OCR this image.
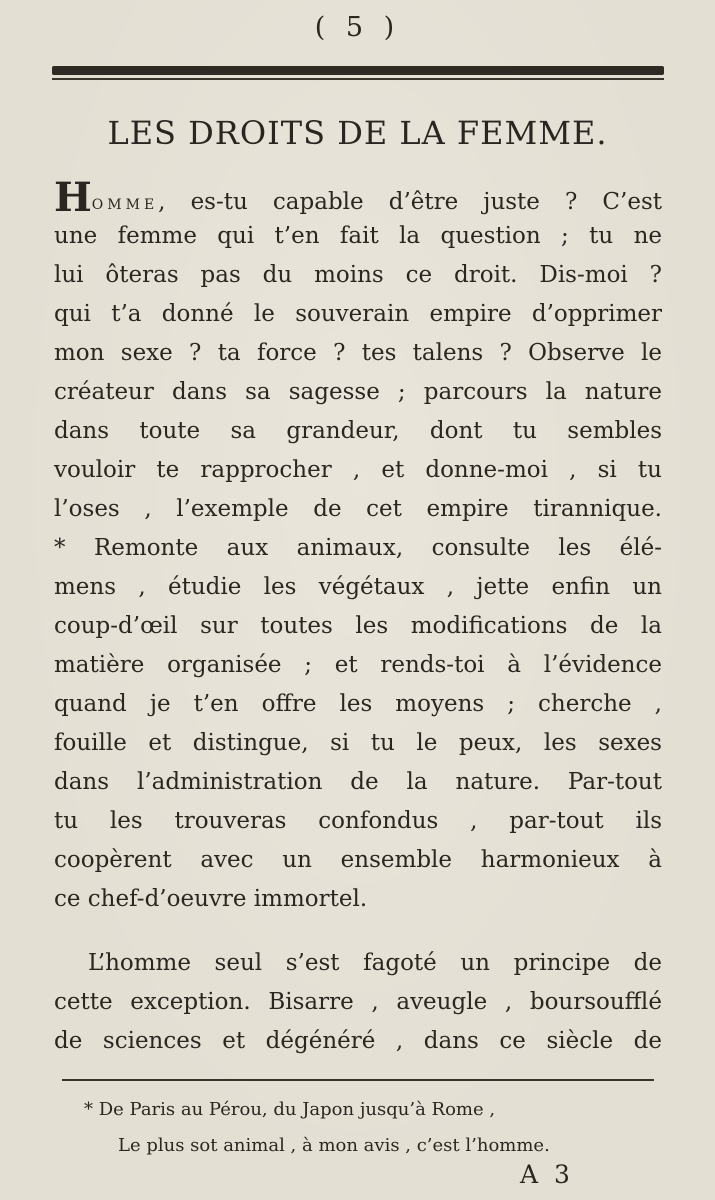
( 5 )
LES DROITS DE LA FEMME.
HOMME, es-tu capable d’être juste ? C’est
une femme qui t’en fait la question ; tu ne
lui ôteras pas du moins ce droit. Dis-moi ?
qui t’a donné le souverain empire d’opprimer
mon sexe ? ta force ? tes talens ? Observe le
créateur dans sa sagesse ; parcours la nature
dans toute sa grandeur, dont tu sembles
vouloir te rapprocher , et donne-moi , si tu
l’oses , l’exemple de cet empire tirannique.
* Remonte aux animaux, consulte les élé-
mens , étudie les végétaux , jette enfin un
coup-d’œil sur toutes les modifications de la
matière organisée ; et rends-toi à l’évidence
quand je t’en offre les moyens ; cherche ,
fouille et distingue, si tu le peux, les sexes
dans l’administration de la nature. Par-tout
tu les trouveras confondus , par-tout ils
coopèrent avec un ensemble harmonieux à
ce chef-d’oeuvre immortel.
L’homme seul s’est fagoté un principe de
cette exception. Bisarre , aveugle , boursoufflé
de sciences et dégénéré , dans ce siècle de
* De Paris au Pérou, du Japon jusqu’à Rome ,
Le plus sot animal , à mon avis , c’est l’homme.
A 3
